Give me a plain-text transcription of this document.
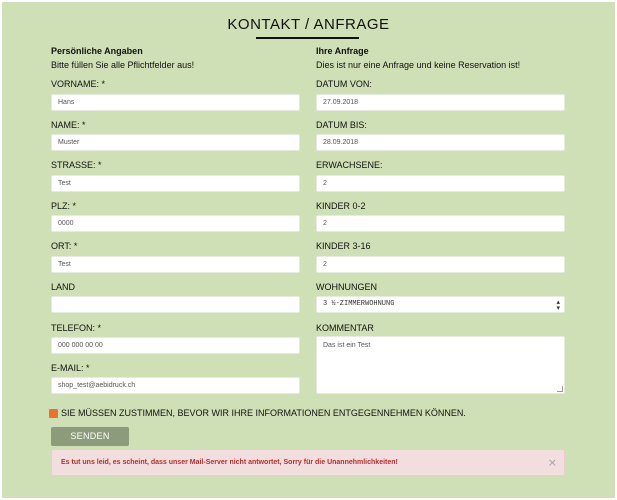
KONTAKT / ANFRAGE
Persönliche Angaben
Bitte füllen Sie alle Pflichtfelder aus!
VORNAME: *
Hans
NAME: *
Muster
STRASSE: *
Test
PLZ: *
0000
ORT: *
Test
LAND
TELEFON: *
000 000 00 00
E-MAIL: *
shop_test@aebidruck.ch
Ihre Anfrage
Dies ist nur eine Anfrage und keine Reservation ist!
DATUM VON:
27.09.2018
DATUM BIS:
28.09.2018
ERWACHSENE:
2
KINDER 0-2
2
KINDER 3-16
2
WOHNUNGEN
3 ½-ZIMMERWOHNUNG	▴
▾
KOMMENTAR
Das ist ein Test
SIE MÜSSEN ZUSTIMMEN, BEVOR WIR IHRE INFORMATIONEN ENTGEGENNEHMEN KÖNNEN.
SENDEN
Es tut uns leid, es scheint, dass unser Mail-Server nicht antwortet, Sorry für die Unannehmlichkeiten!	×
